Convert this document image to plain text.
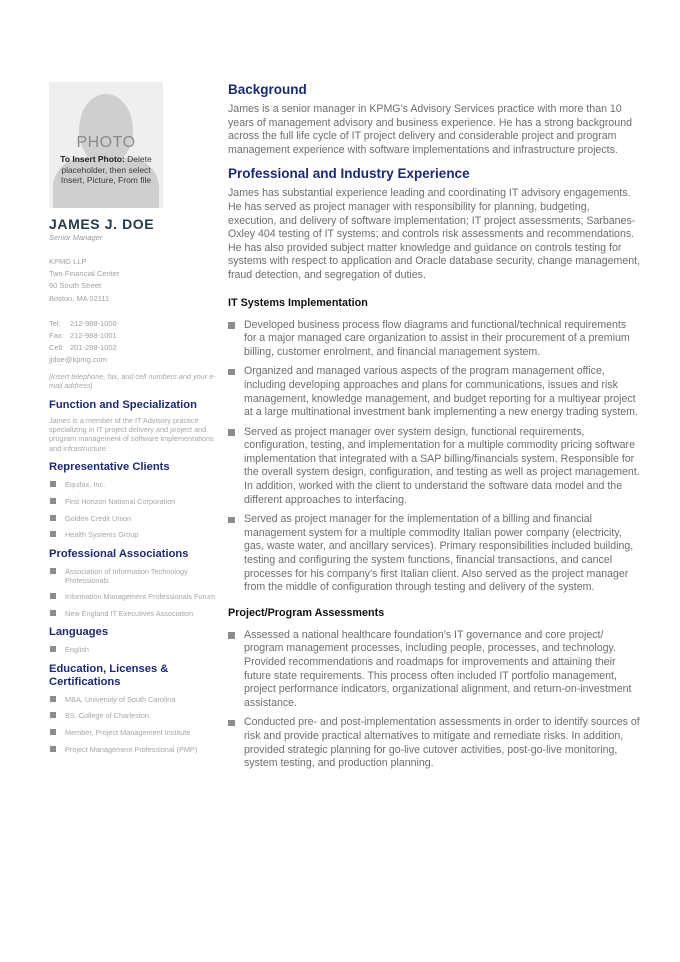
PHOTO
To Insert Photo: Delete placeholder, then select Insert, Picture, From file
JAMES J. DOE
Senior Manager
KPMG LLP
Two Financial Center
60 South Street
Boston, MA 02111
Tel: 212-988-1000
Fax: 212-988-1001
Cell: 201-288-1002
jjdoe@kpmg.com
[Insert telephone, fax, and cell numbers and your e-mail address]
Function and Specialization
James is a member of the IT Advisory practice specializing in IT project delivery and project and program management of software implementations and infrastructure.
Representative Clients
Equifax, Inc.
First Horizon National Corporation
Golden Credit Union
Health Systems Group
Professional Associations
Association of Information Technology Professionals
Information Management Professionals Forum
New England IT Executives Association
Languages
English
Education, Licenses & Certifications
MBA, University of South Carolina
BS, College of Charleston
Member, Project Management Institute
Project Management Professional (PMP)
Background
James is a senior manager in KPMG’s Advisory Services practice with more than 10 years of management advisory and business experience. He has a strong background across the full life cycle of IT project delivery and considerable project and program management experience with software implementations and infrastructure projects.
Professional and Industry Experience
James has substantial experience leading and coordinating IT advisory engagements. He has served as project manager with responsibility for planning, budgeting, execution, and delivery of software implementation; IT project assessments; Sarbanes-Oxley 404 testing of IT systems; and controls risk assessments and recommendations. He has also provided subject matter knowledge and guidance on controls testing for systems with respect to application and Oracle database security, change management, fraud detection, and segregation of duties.
IT Systems Implementation
Developed business process flow diagrams and functional/technical requirements for a major managed care organization to assist in their procurement of a premium billing, customer enrolment, and financial management system.
Organized and managed various aspects of the program management office, including developing approaches and plans for communications, issues and risk management, knowledge management, and budget reporting for a multiyear project at a large multinational investment bank implementing a new energy trading system.
Served as project manager over system design, functional requirements, configuration, testing, and implementation for a multiple commodity pricing software implementation that integrated with a SAP billing/financials system. Responsible for the overall system design, configuration, and testing as well as project management. In addition, worked with the client to understand the software data model and the different approaches to interfacing.
Served as project manager for the implementation of a billing and financial management system for a multiple commodity Italian power company (electricity, gas, waste water, and ancillary services). Primary responsibilities included building, testing and configuring the system functions, financial transactions, and cancel processes for his company’s first Italian client. Also served as the project manager from the middle of configuration through testing and delivery of the system.
Project/Program Assessments
Assessed a national healthcare foundation’s IT governance and core project/ program management processes, including people, processes, and technology. Provided recommendations and roadmaps for improvements and attaining their future state requirements. This process often included IT portfolio management, project performance indicators, organizational alignment, and return-on-investment assistance.
Conducted pre- and post-implementation assessments in order to identify sources of risk and provide practical alternatives to mitigate and remediate risks. In addition, provided strategic planning for go-live cutover activities, post-go-live monitoring, system testing, and production planning.
